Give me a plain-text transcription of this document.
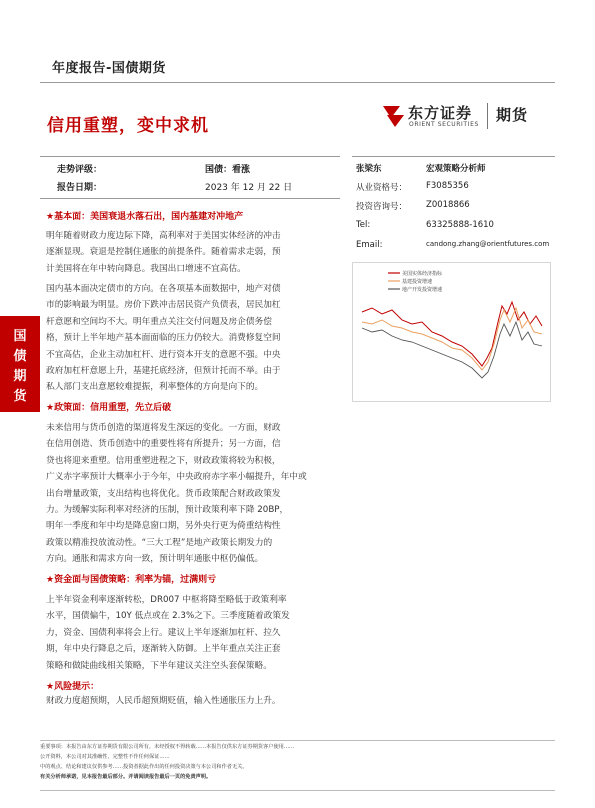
年度报告-国债期货
信用重塑，变中求机
东方证券
ORIENT SECURITIES
期货
走势评级：	国债：看涨
报告日期：	2023 年 12 月 22 日
张梁东	宏观策略分析师
从业资格号： F3085356
投资咨询号： Z0018866
Tel:	63325888-1610
Email:	candong.zhang@orientfutures.com
国
债
期
货
★基本面：美国衰退水落石出，国内基建对冲地产
明年随着财政力度边际下降，高利率对于美国实体经济的冲击
逐渐显现。衰退是控制住通胀的前提条件。随着需求走弱，预
计美国将在年中转向降息。我国出口增速不宜高估。
国内基本面决定债市的方向。在各项基本面数据中，地产对债
市的影响最为明显。房价下跌冲击居民资产负债表，居民加杠
杆意愿和空间均不大。明年重点关注交付问题及房企债务偿
格，预计上半年地产基本面面临的压力仍较大。消费修复空间
不宜高估，企业主动加杠杆、进行资本开支的意愿不强。中央
政府加杠杆意愿上升，基建托底经济，但预计托而不举。由于
私人部门支出意愿较难提振，利率整体的方向是向下的。
★政策面：信用重塑，先立后破
未来信用与货币创造的渠道将发生深远的变化。一方面，财政
在信用创造、货币创造中的重要性将有所提升；另一方面，信
贷也将迎来重塑。信用重塑进程之下，财政政策将较为积极，
广义赤字率预计大概率小于今年，中央政府赤字率小幅提升，年中或
出台增量政策，支出结构也将优化。货币政策配合财政政策发
力。为缓解实际利率对经济的压制，预计政策利率下降 20BP，
明年一季度和年中均是降息窗口期，另外央行更为倚重结构性
政策以精准投放流动性。“三大工程”是地产政策长期发力的
方向。通胀和需求方向一致，预计明年通胀中枢仍偏低。
★资金面与国债策略：利率为锚，过满则亏
上半年资金利率逐渐转松，DR007 中枢将降至略低于政策利率
水平，国债偏牛，10Y 低点或在 2.3%之下。三季度随着政策发
力，资金、国债利率将会上行。建议上半年逐渐加杠杆、拉久
期，年中央行降息之后，逐渐转入防御。上半年重点关注正套
策略和做陡曲线相关策略，下半年建议关注空头套保策略。
★风险提示：
财政力度超预期，人民币超预期贬值，输入性通胀压力上升。
美国实体经济指标
基建投资增速
地产开发投资增速
重要事项：本报告由东方证券期货有限公司所有，未经授权不得转载……本报告仅供东方证券期货客户使用……
公开资料，本公司对其准确性、完整性不作任何保证……
中的观点、结论和建议仅供参考……投资者据此作出的任何投资决策与本公司和作者无关。
有关分析师承诺，见本报告最后部分。并请阅读报告最后一页的免责声明。
